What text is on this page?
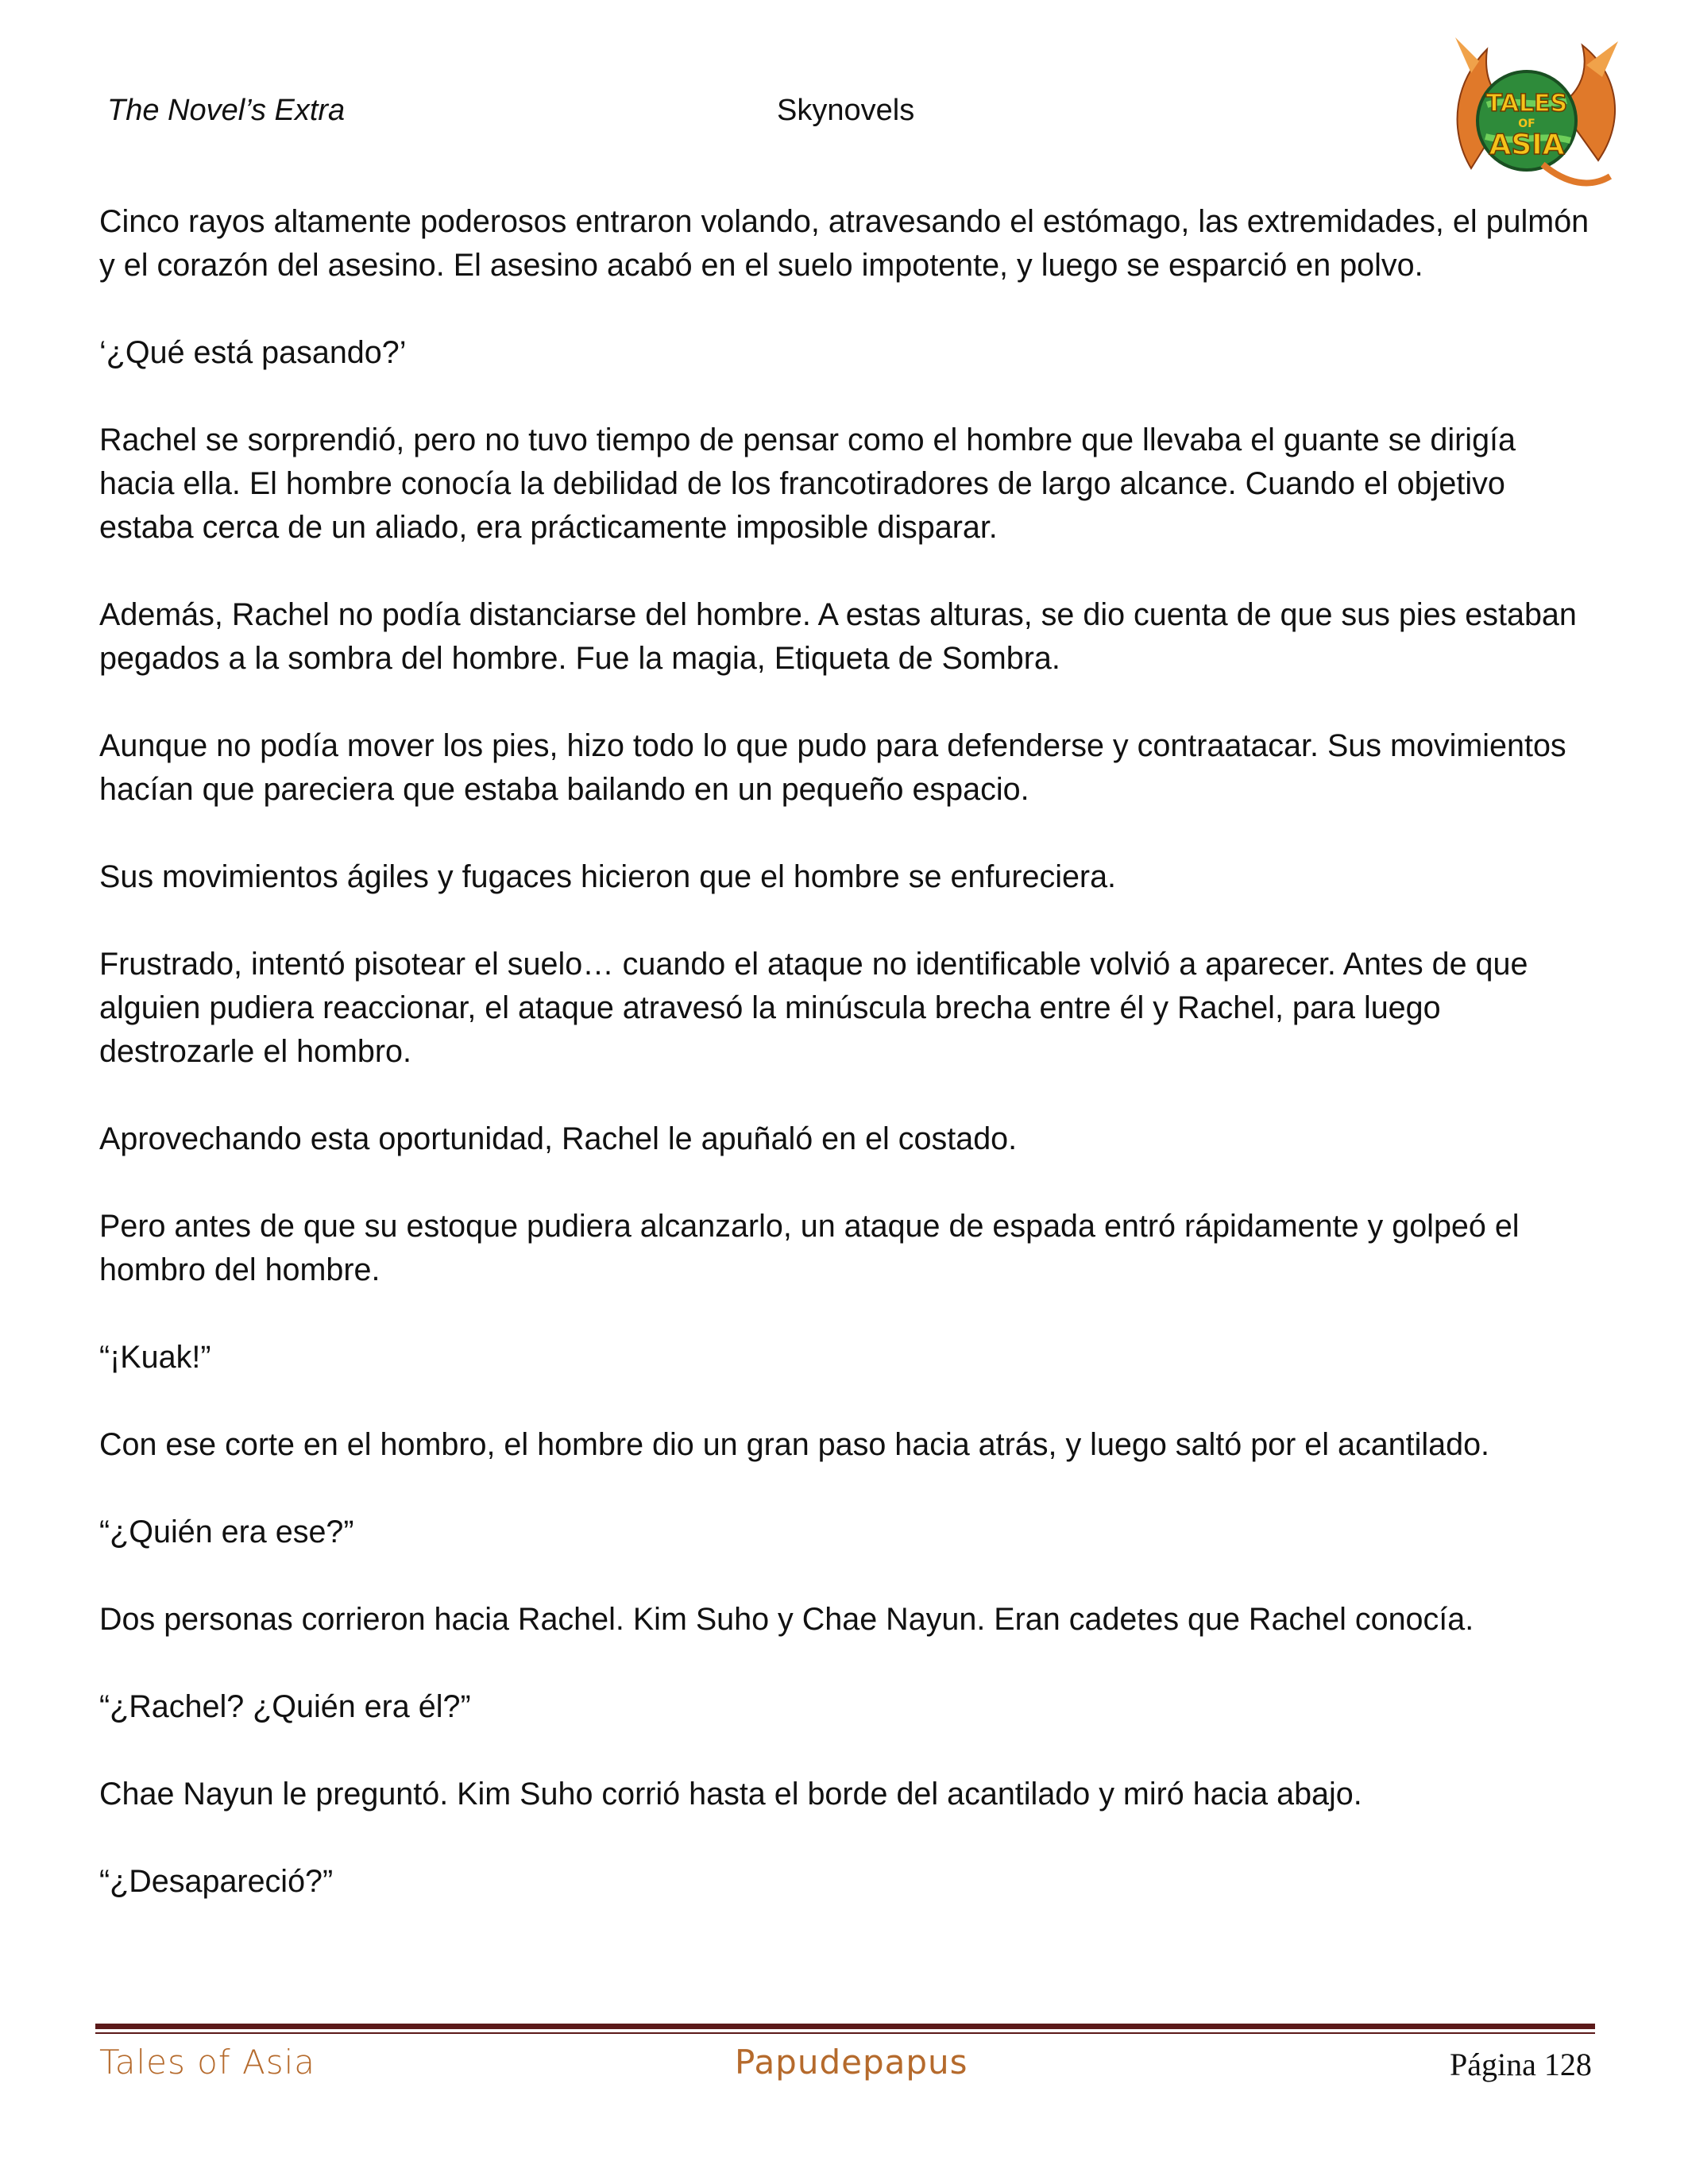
The Novel’s Extra	Skynovels	TALES
OF
ASIA

Cinco rayos altamente poderosos entraron volando, atravesando el estómago, las extremidades, el pulmón y el corazón del asesino. El asesino acabó en el suelo impotente, y luego se esparció en polvo.

‘¿Qué está pasando?’

Rachel se sorprendió, pero no tuvo tiempo de pensar como el hombre que llevaba el guante se dirigía hacia ella. El hombre conocía la debilidad de los francotiradores de largo alcance. Cuando el objetivo estaba cerca de un aliado, era prácticamente imposible disparar.

Además, Rachel no podía distanciarse del hombre. A estas alturas, se dio cuenta de que sus pies estaban pegados a la sombra del hombre. Fue la magia, Etiqueta de Sombra.

Aunque no podía mover los pies, hizo todo lo que pudo para defenderse y contraatacar. Sus movimientos hacían que pareciera que estaba bailando en un pequeño espacio.

Sus movimientos ágiles y fugaces hicieron que el hombre se enfureciera.

Frustrado, intentó pisotear el suelo… cuando el ataque no identificable volvió a aparecer. Antes de que alguien pudiera reaccionar, el ataque atravesó la minúscula brecha entre él y Rachel, para luego destrozarle el hombro.

Aprovechando esta oportunidad, Rachel le apuñaló en el costado.

Pero antes de que su estoque pudiera alcanzarlo, un ataque de espada entró rápidamente y golpeó el hombro del hombre.

“¡Kuak!”

Con ese corte en el hombro, el hombre dio un gran paso hacia atrás, y luego saltó por el acantilado.

“¿Quién era ese?”

Dos personas corrieron hacia Rachel. Kim Suho y Chae Nayun. Eran cadetes que Rachel conocía.

“¿Rachel? ¿Quién era él?”

Chae Nayun le preguntó. Kim Suho corrió hasta el borde del acantilado y miró hacia abajo.

“¿Desapareció?”

Tales of Asia	Papudepapus	Página 128
